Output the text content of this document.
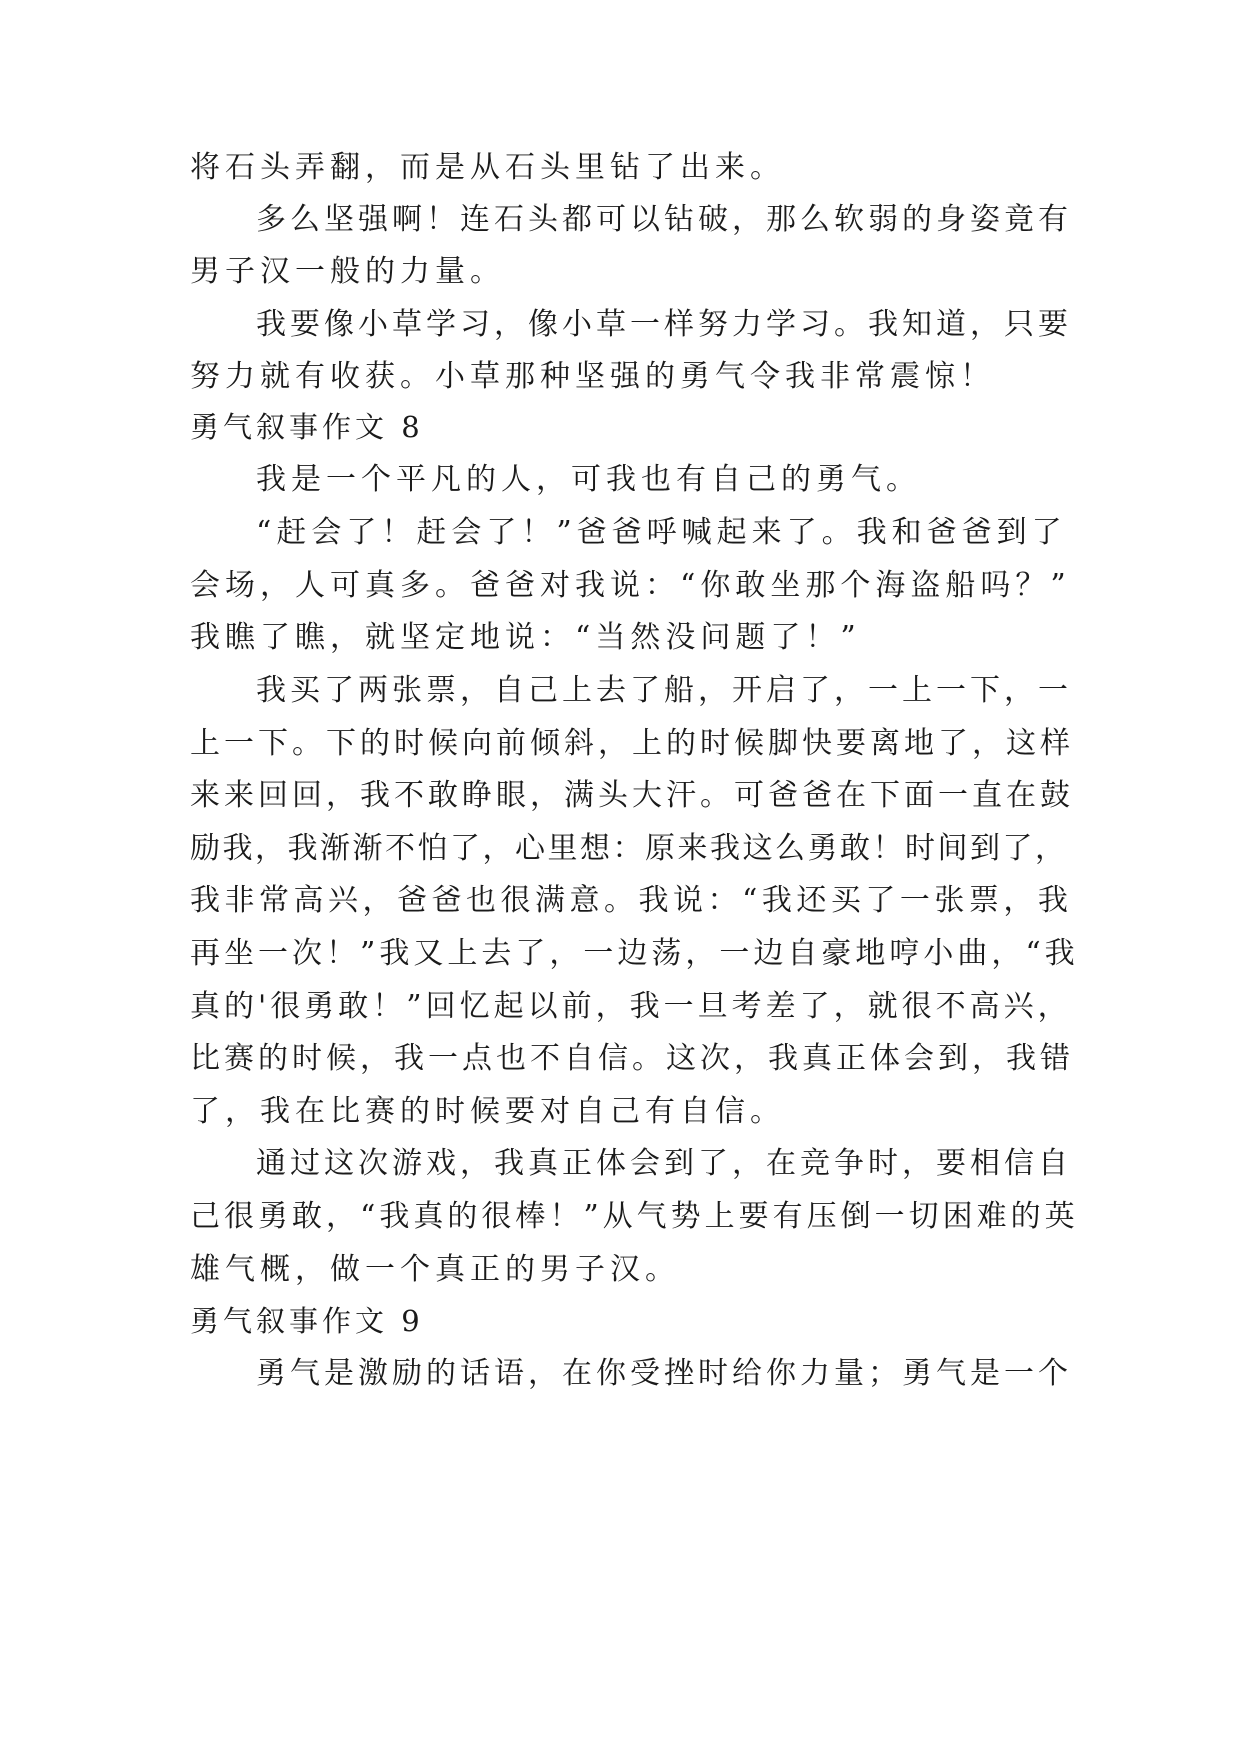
将石头弄翻，而是从石头里钻了出来。

多么坚强啊！连石头都可以钻破，那么软弱的身姿竟有

男子汉一般的力量。

我要像小草学习，像小草一样努力学习。我知道，只要

努力就有收获。小草那种坚强的勇气令我非常震惊！

勇气叙事作文 8

我是一个平凡的人，可我也有自己的勇气。

“赶会了！赶会了！”爸爸呼喊起来了。我和爸爸到了

会场，人可真多。爸爸对我说：“你敢坐那个海盗船吗？”

我瞧了瞧，就坚定地说：“当然没问题了！”

我买了两张票，自己上去了船，开启了，一上一下，一

上一下。下的时候向前倾斜，上的时候脚快要离地了，这样

来来回回，我不敢睁眼，满头大汗。可爸爸在下面一直在鼓

励我，我渐渐不怕了，心里想：原来我这么勇敢！时间到了，

我非常高兴，爸爸也很满意。我说：“我还买了一张票，我

再坐一次！”我又上去了，一边荡，一边自豪地哼小曲，“我

真的'很勇敢！”回忆起以前，我一旦考差了，就很不高兴，

比赛的时候，我一点也不自信。这次，我真正体会到，我错

了，我在比赛的时候要对自己有自信。

通过这次游戏，我真正体会到了，在竞争时，要相信自

己很勇敢，“我真的很棒！”从气势上要有压倒一切困难的英

雄气概，做一个真正的男子汉。

勇气叙事作文 9

勇气是激励的话语，在你受挫时给你力量；勇气是一个
